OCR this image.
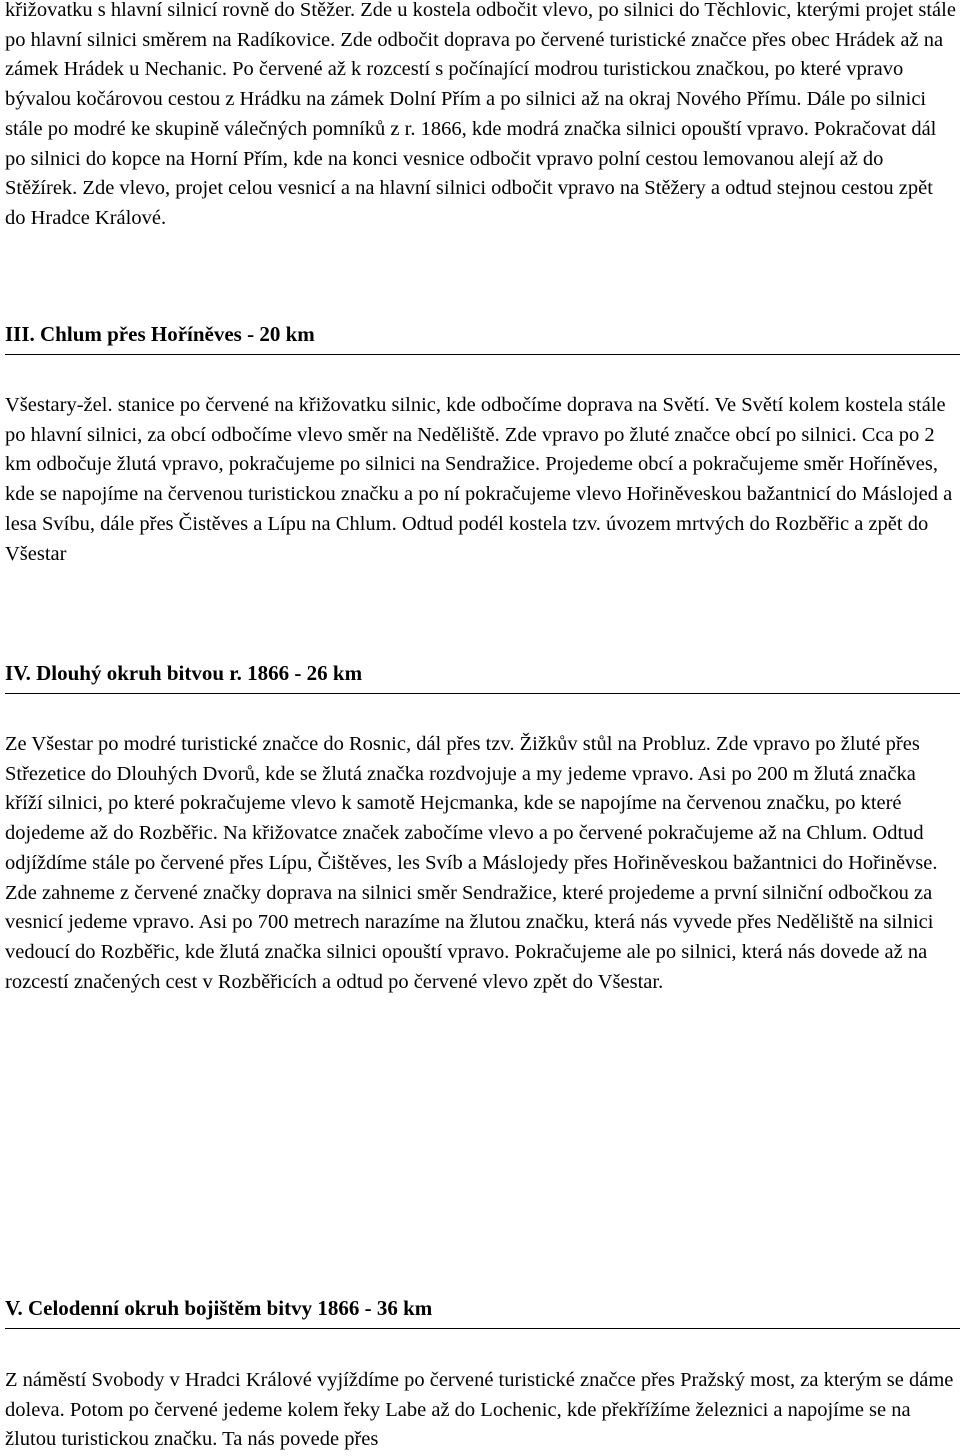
křižovatku s hlavní silnicí rovně do Stěžer. Zde u kostela odbočit vlevo, po silnici do Těchlovic, kterými projet stále po hlavní silnici směrem na Radíkovice. Zde odbočit doprava po červené turistické značce přes obec Hrádek až na zámek Hrádek u Nechanic. Po červené až k rozcestí s počínající modrou turistickou značkou, po které vpravo bývalou kočárovou cestou z Hrádku na zámek Dolní Přím a po silnici až na okraj Nového Přímu. Dále po silnici stále po modré ke skupině válečných pomníků z r. 1866, kde modrá značka silnici opouští vpravo. Pokračovat dál po silnici do kopce na Horní Přím, kde na konci vesnice odbočit vpravo polní cestou lemovanou alejí až do Stěžírek. Zde vlevo, projet celou vesnicí a na hlavní silnici odbočit vpravo na Stěžery a odtud stejnou cestou zpět do Hradce Králové.

III. Chlum přes Hoříněves - 20 km

Všestary-žel. stanice po červené na křižovatku silnic, kde odbočíme doprava na Světí. Ve Světí kolem kostela stále po hlavní silnici, za obcí odbočíme vlevo směr na Neděliště. Zde vpravo po žluté značce obcí po silnici. Cca po 2 km odbočuje žlutá vpravo, pokračujeme po silnici na Sendražice. Projedeme obcí a pokračujeme směr Hoříněves, kde se napojíme na červenou turistickou značku a po ní pokračujeme vlevo Hořiněveskou bažantnicí do Máslojed a lesa Svíbu, dále přes Čistěves a Lípu na Chlum. Odtud podél kostela tzv. úvozem mrtvých do Rozběřic a zpět do Všestar

IV. Dlouhý okruh bitvou r. 1866 - 26 km

Ze Všestar po modré turistické značce do Rosnic, dál přes tzv. Žižkův stůl na Probluz. Zde vpravo po žluté přes Střezetice do Dlouhých Dvorů, kde se žlutá značka rozdvojuje a my jedeme vpravo. Asi po 200 m žlutá značka kříží silnici, po které pokračujeme vlevo k samotě Hejcmanka, kde se napojíme na červenou značku, po které dojedeme až do Rozběřic. Na křižovatce značek zabočíme vlevo a po červené pokračujeme až na Chlum. Odtud odjíždíme stále po červené přes Lípu, Čištěves, les Svíb a Máslojedy přes Hořiněveskou bažantnici do Hořiněvse. Zde zahneme z červené značky doprava na silnici směr Sendražice, které projedeme a první silniční odbočkou za vesnicí jedeme vpravo. Asi po 700 metrech narazíme na žlutou značku, která nás vyvede přes Neděliště na silnici vedoucí do Rozběřic, kde žlutá značka silnici opouští vpravo. Pokračujeme ale po silnici, která nás dovede až na rozcestí značených cest v Rozběřicích a odtud po červené vlevo zpět do Všestar.

V. Celodenní okruh bojištěm bitvy 1866 - 36 km

Z náměstí Svobody v Hradci Králové vyjíždíme po červené turistické značce přes Pražský most, za kterým se dáme doleva. Potom po červené jedeme kolem řeky Labe až do Lochenic, kde překřížíme železnici a napojíme se na žlutou turistickou značku. Ta nás povede přes
